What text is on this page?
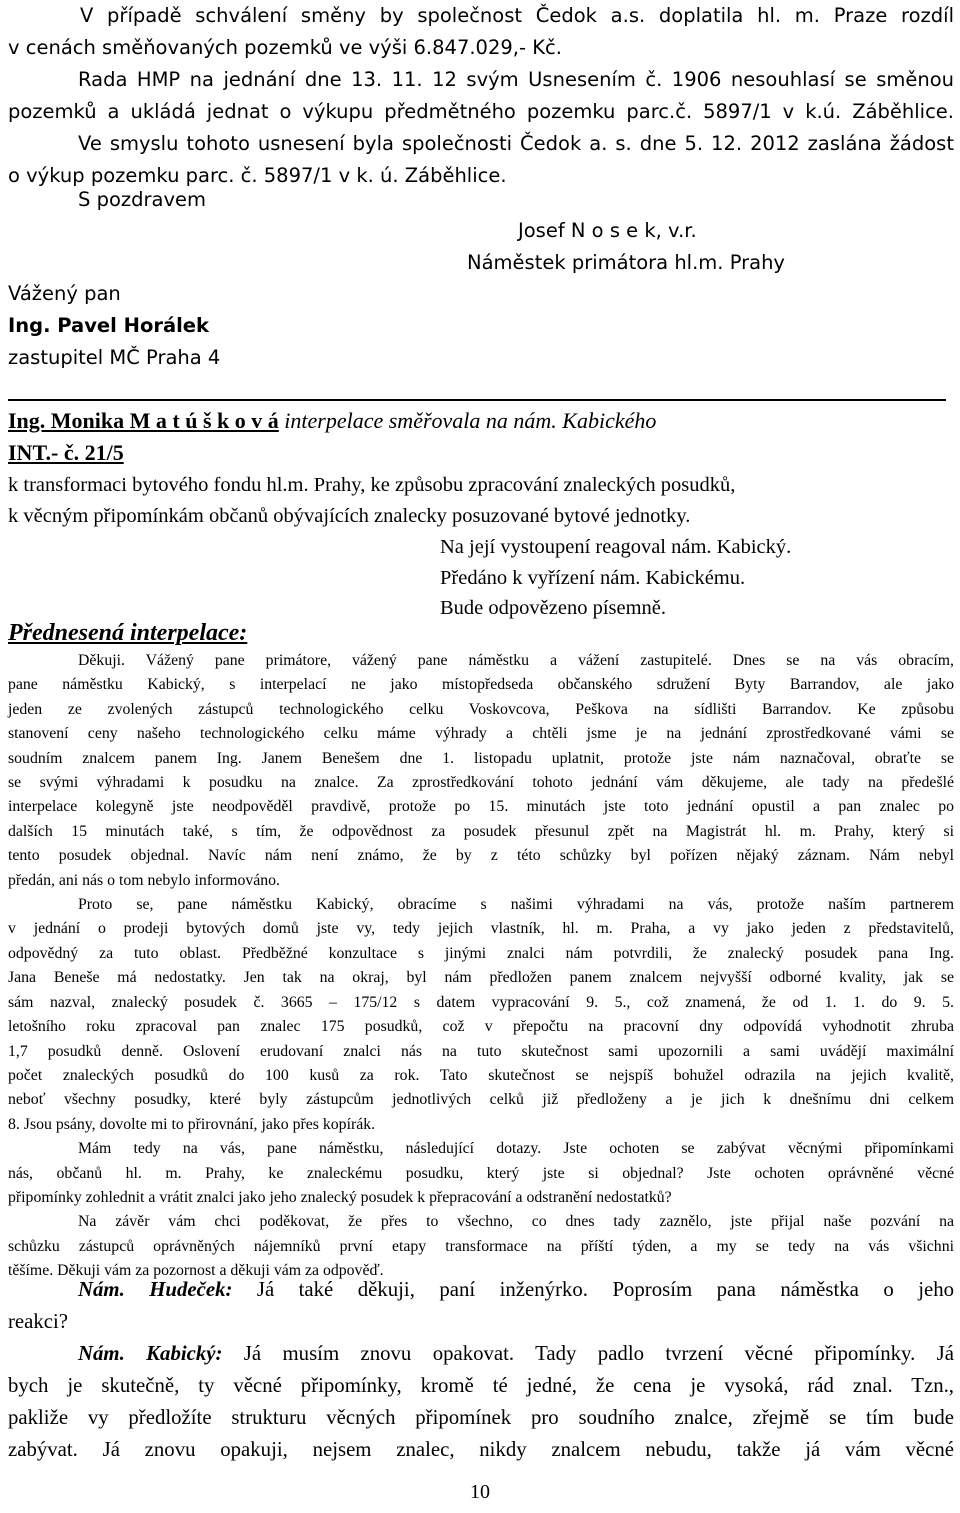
V případě schválení směny by společnost Čedok a.s. doplatila hl. m. Praze rozdíl

v cenách směňovaných pozemků ve výši 6.847.029,- Kč.

Rada HMP na jednání dne 13. 11. 12 svým Usnesením č. 1906 nesouhlasí se směnou

pozemků a ukládá jednat o výkupu předmětného pozemku parc.č. 5897/1 v k.ú. Záběhlice.

Ve smyslu tohoto usnesení byla společnosti Čedok a. s. dne 5. 12. 2012 zaslána žádost

o výkup pozemku parc. č. 5897/1 v k. ú. Záběhlice.

S pozdravem
Josef N o s e k, v.r.
Náměstek primátora hl.m. Prahy

Vážený pan

Ing. Pavel Horálek

zastupitel MČ Praha 4

Ing. Monika M a t ú š k o v á interpelace směřovala na nám. Kabického

INT.- č. 21/5

k transformaci bytového fondu hl.m. Prahy, ke způsobu zpracování znaleckých posudků,

k věcným připomínkám občanů obývajících znalecky posuzované bytové jednotky.

Na její vystoupení reagoval nám. Kabický.

Předáno k vyřízení nám. Kabickému.

Bude odpovězeno písemně.

Přednesená interpelace:

Děkuji. Vážený pane primátore, vážený pane náměstku a vážení zastupitelé. Dnes se na vás obracím,

pane náměstku Kabický, s interpelací ne jako místopředseda občanského sdružení Byty Barrandov, ale jako

jeden ze zvolených zástupců technologického celku Voskovcova, Peškova na sídlišti Barrandov. Ke způsobu

stanovení ceny našeho technologického celku máme výhrady a chtěli jsme je na jednání zprostředkované vámi se

soudním znalcem panem Ing. Janem Benešem dne 1. listopadu uplatnit, protože jste nám naznačoval, obraťte se

se svými výhradami k posudku na znalce. Za zprostředkování tohoto jednání vám děkujeme, ale tady na předešlé

interpelace kolegyně jste neodpověděl pravdivě, protože po 15. minutách jste toto jednání opustil a pan znalec po

dalších 15 minutách také, s tím, že odpovědnost za posudek přesunul zpět na Magistrát hl. m. Prahy, který si

tento posudek objednal. Navíc nám není známo, že by z této schůzky byl pořízen nějaký záznam. Nám nebyl

předán, ani nás o tom nebylo informováno.

Proto se, pane náměstku Kabický, obracíme s našimi výhradami na vás, protože naším partnerem

v jednání o prodeji bytových domů jste vy, tedy jejich vlastník, hl. m. Praha, a vy jako jeden z představitelů,

odpovědný za tuto oblast. Předběžné konzultace s jinými znalci nám potvrdili, že znalecký posudek pana Ing.

Jana Beneše má nedostatky. Jen tak na okraj, byl nám předložen panem znalcem nejvyšší odborné kvality, jak se

sám nazval, znalecký posudek č. 3665 – 175/12 s datem vypracování 9. 5., což znamená, že od 1. 1. do 9. 5.

letošního roku zpracoval pan znalec 175 posudků, což v přepočtu na pracovní dny odpovídá vyhodnotit zhruba

1,7 posudků denně. Oslovení erudovaní znalci nás na tuto skutečnost sami upozornili a sami uvádějí maximální

počet znaleckých posudků do 100 kusů za rok. Tato skutečnost se nejspíš bohužel odrazila na jejich kvalitě,

neboť všechny posudky, které byly zástupcům jednotlivých celků již předloženy a je jich k dnešnímu dni celkem

8. Jsou psány, dovolte mi to přirovnání, jako přes kopírák.

Mám tedy na vás, pane náměstku, následující dotazy. Jste ochoten se zabývat věcnými připomínkami

nás, občanů hl. m. Prahy, ke znaleckému posudku, který jste si objednal? Jste ochoten oprávněné věcné

připomínky zohlednit a vrátit znalci jako jeho znalecký posudek k přepracování a odstranění nedostatků?

Na závěr vám chci poděkovat, že přes to všechno, co dnes tady zaznělo, jste přijal naše pozvání na

schůzku zástupců oprávněných nájemníků první etapy transformace na příští týden, a my se tedy na vás všichni

těšíme. Děkuji vám za pozornost a děkuji vám za odpověď.

Nám. Hudeček: Já také děkuji, paní inženýrko. Poprosím pana náměstka o jeho

reakci?

Nám. Kabický: Já musím znovu opakovat. Tady padlo tvrzení věcné připomínky. Já

bych je skutečně, ty věcné připomínky, kromě té jedné, že cena je vysoká, rád znal. Tzn.,

pakliže vy předložíte strukturu věcných připomínek pro soudního znalce, zřejmě se tím bude

zabývat. Já znovu opakuji, nejsem znalec, nikdy znalcem nebudu, takže já vám věcné

10
